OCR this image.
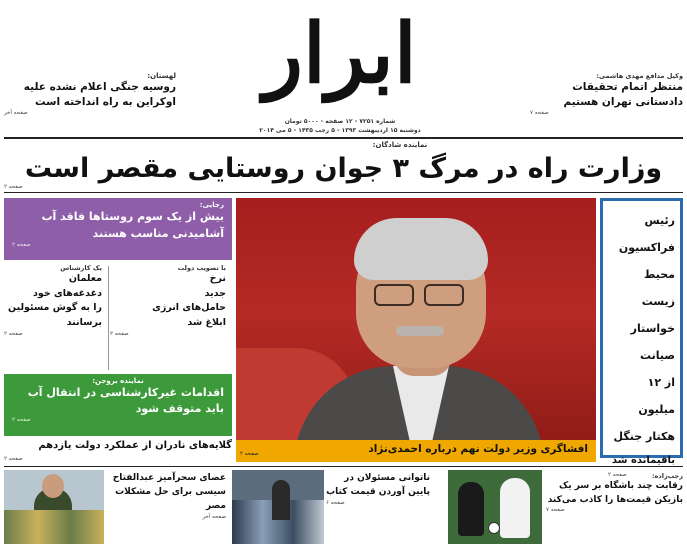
ابرار
شماره ۷۲۵۱ - ۱۲ صفحه - ۵۰۰۰ تومان
دوشنبه ۱۵ اردیبهشت ۱۳۹۳ - ۵ رجب ۱۴۳۵ - ۵ می ۲۰۱۴
لهستان:
روسیه جنگی اعلام نشده علیه اوکراین به راه انداخته است
صفحه آخر
وکیل مدافع مهدی هاشمی:
منتظر اتمام تحقیقات دادستانی تهران هستیم
صفحه ۷
نماینده شادگان:
وزارت راه در مرگ ۳ جوان روستایی مقصر است
صفحه ۲
رجایی:
بیش از یک سوم روستاها فاقد آب آشامیدنی مناسب هستند
صفحه ۲
با تصویب دولت
نرخ
جدید
حامل‌های انرژی
ابلاغ شد
صفحه ۲
یک کارشناس
معلمان
دغدغه‌های خود
را به گوش مسئولین
برسانند
صفحه ۲
نماینده بروجن:
اقدامات غیرکارشناسی در انتقال آب باید متوقف شود
صفحه ۲
گلایه‌های نادران از عملکرد دولت یازدهم
صفحه ۲
افشاگری وزیر دولت نهم درباره احمدی‌نژاد
صفحه ۲
رئیس
فراکسیون
محیط زیست
خواستار
صیانت
از ۱۲ میلیون
هکتار جنگل
باقیمانده شد
صفحه ۲
عصای سحرآمیز عبدالفتاح سیسی برای حل مشکلات مصر
صفحه آخر
ناتوانی مسئولان در پایین آوردن قیمت کتاب
صفحه ۶
رجب‌زاده:
رقابت چند باشگاه بر سر یک بازیکن قیمت‌ها را کاذب می‌کند
صفحه ۷
